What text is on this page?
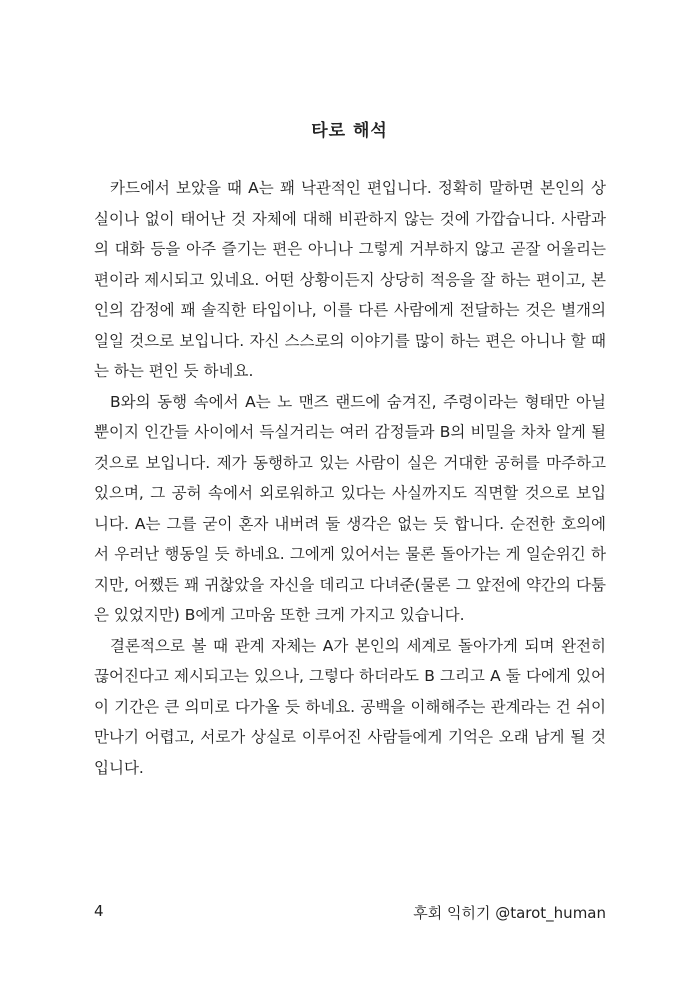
타로 해석

카드에서 보았을 때 A는 꽤 낙관적인 편입니다. 정확히 말하면 본인의 상실이나 없이 태어난 것 자체에 대해 비관하지 않는 것에 가깝습니다. 사람과의 대화 등을 아주 즐기는 편은 아니나 그렇게 거부하지 않고 곧잘 어울리는 편이라 제시되고 있네요. 어떤 상황이든지 상당히 적응을 잘 하는 편이고, 본인의 감정에 꽤 솔직한 타입이나, 이를 다른 사람에게 전달하는 것은 별개의 일일 것으로 보입니다. 자신 스스로의 이야기를 많이 하는 편은 아니나 할 때는 하는 편인 듯 하네요.

B와의 동행 속에서 A는 노 맨즈 랜드에 숨겨진, 주령이라는 형태만 아닐 뿐이지 인간들 사이에서 득실거리는 여러 감정들과 B의 비밀을 차차 알게 될 것으로 보입니다. 제가 동행하고 있는 사람이 실은 거대한 공허를 마주하고 있으며, 그 공허 속에서 외로워하고 있다는 사실까지도 직면할 것으로 보입니다. A는 그를 굳이 혼자 내버려 둘 생각은 없는 듯 합니다. 순전한 호의에서 우러난 행동일 듯 하네요. 그에게 있어서는 물론 돌아가는 게 일순위긴 하지만, 어쨌든 꽤 귀찮았을 자신을 데리고 다녀준(물론 그 앞전에 약간의 다툼은 있었지만) B에게 고마움 또한 크게 가지고 있습니다.

결론적으로 볼 때 관계 자체는 A가 본인의 세계로 돌아가게 되며 완전히 끊어진다고 제시되고는 있으나, 그렇다 하더라도 B 그리고 A 둘 다에게 있어 이 기간은 큰 의미로 다가올 듯 하네요. 공백을 이해해주는 관계라는 건 쉬이 만나기 어렵고, 서로가 상실로 이루어진 사람들에게 기억은 오래 남게 될 것입니다.

4	후회 익히기 @tarot_human
